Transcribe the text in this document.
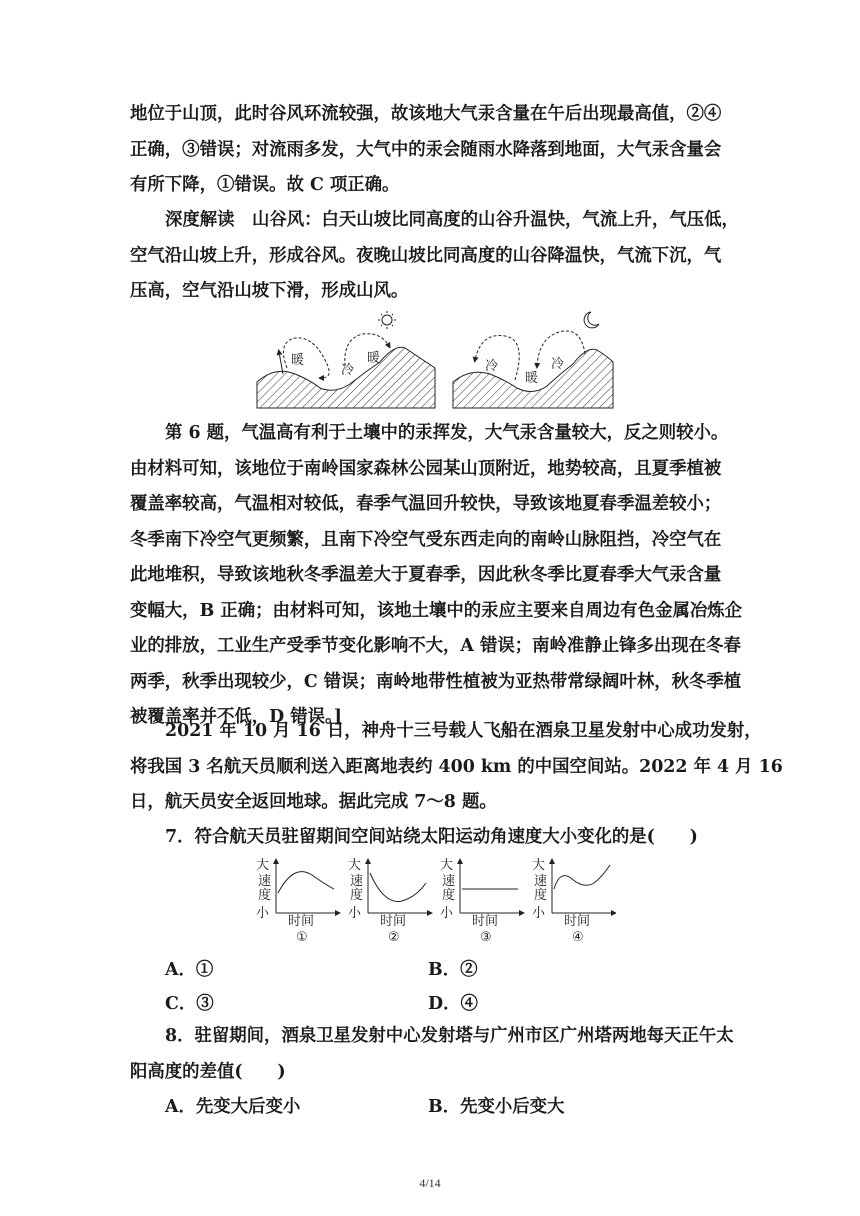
地位于山顶，此时谷风环流较强，故该地大气汞含量在午后出现最高值，②④
正确，③错误；对流雨多发，大气中的汞会随雨水降落到地面，大气汞含量会
有所下降，①错误。故 C 项正确。
深度解读　山谷风：白天山坡比同高度的山谷升温快，气流上升，气压低，
空气沿山坡上升，形成谷风。夜晚山坡比同高度的山谷降温快，气流下沉，气
压高，空气沿山坡下滑，形成山风。
暖
冷
暖
冷
暖
冷
第 6 题，气温高有利于土壤中的汞挥发，大气汞含量较大，反之则较小。
由材料可知，该地位于南岭国家森林公园某山顶附近，地势较高，且夏季植被
覆盖率较高，气温相对较低，春季气温回升较快，导致该地夏春季温差较小；
冬季南下冷空气更频繁，且南下冷空气受东西走向的南岭山脉阻挡，冷空气在
此地堆积，导致该地秋冬季温差大于夏春季，因此秋冬季比夏春季大气汞含量
变幅大，B 正确；由材料可知，该地土壤中的汞应主要来自周边有色金属冶炼企
业的排放，工业生产受季节变化影响不大，A 错误；南岭准静止锋多出现在冬春
两季，秋季出现较少，C 错误；南岭地带性植被为亚热带常绿阔叶林，秋冬季植
被覆盖率并不低，D 错误。]
2021 年 10 月 16 日，神舟十三号载人飞船在酒泉卫星发射中心成功发射，
将我国 3 名航天员顺利送入距离地表约 400 km 的中国空间站。2022 年 4 月 16
日，航天员安全返回地球。据此完成 7～8 题。
7．符合航天员驻留期间空间站绕太阳运动角速度大小变化的是(　　)
大
速
度
小
时间
①
大
速
度
小
时间
②
大
速
度
小
时间
③
大
速
度
小
时间
④
A．①	B．②
C．③	D．④
8．驻留期间，酒泉卫星发射中心发射塔与广州市区广州塔两地每天正午太
阳高度的差值(　　)
A．先变大后变小	B．先变小后变大
4/14
